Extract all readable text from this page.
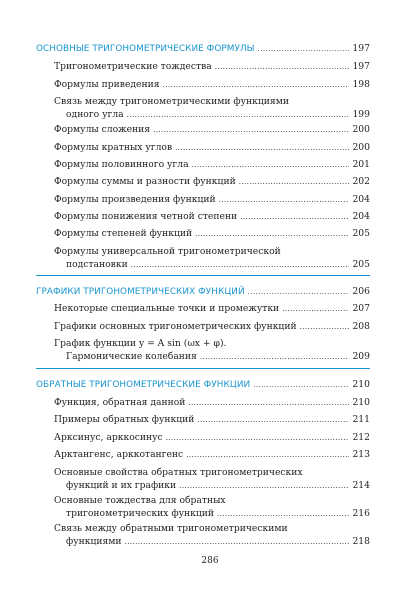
ОСНОВНЫЕ ТРИГОНОМЕТРИЧЕСКИЕ ФОРМУЛЫ . . .	197
Тригонометрические тождества . . .	197
Формулы приведения . . .	198
Связь между тригонометрическими функциями
одного угла . . .	199
Формулы сложения . . .	200
Формулы кратных углов . . .	200
Формулы половинного угла . . .	201
Формулы суммы и разности функций . . .	202
Формулы произведения функций . . .	204
Формулы понижения четной степени . . .	204
Формулы степеней функций . . .	205
Формулы универсальной тригонометрической
подстановки . . .	205
ГРАФИКИ ТРИГОНОМЕТРИЧЕСКИХ ФУНКЦИЙ . . .	206
Некоторые специальные точки и промежутки . . .	207
Графики основных тригонометрических функций . . .	208
График функции y = A sin (ωx + φ).
Гармонические колебания . . .	209
ОБРАТНЫЕ ТРИГОНОМЕТРИЧЕСКИЕ ФУНКЦИИ . . .	210
Функция, обратная данной . . .	210
Примеры обратных функций . . .	211
Арксинус, арккосинус . . .	212
Арктангенс, арккотангенс . . .	213
Основные свойства обратных тригонометрических
функций и их графики . . .	214
Основные тождества для обратных
тригонометрических функций . . .	216
Связь между обратными тригонометрическими
функциями . . .	218
286
